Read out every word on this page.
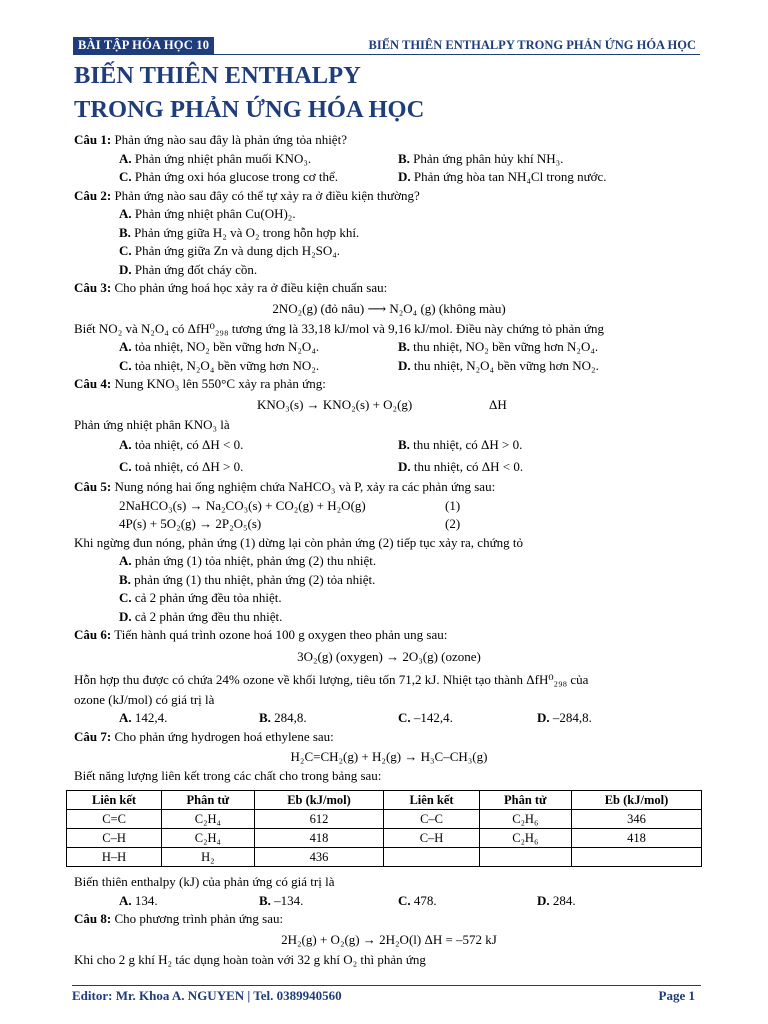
BÀI TẬP HÓA HỌC 10	BIẾN THIÊN ENTHALPY TRONG PHẢN ỨNG HÓA HỌC
BIẾN THIÊN ENTHALPY
TRONG PHẢN ỨNG HÓA HỌC
Câu 1: Phản ứng nào sau đây là phản ứng tỏa nhiệt?
A. Phản ứng nhiệt phân muối KNO₃.	B. Phản ứng phân hủy khí NH₃.
C. Phản ứng oxi hóa glucose trong cơ thể.	D. Phản ứng hòa tan NH₄Cl trong nước.
Câu 2: Phản ứng nào sau đây có thể tự xảy ra ở điều kiện thường?
A. Phản ứng nhiệt phân Cu(OH)₂.
B. Phản ứng giữa H₂ và O₂ trong hỗn hợp khí.
C. Phản ứng giữa Zn và dung dịch H₂SO₄.
D. Phản ứng đốt cháy cồn.
Câu 3: Cho phản ứng hoá học xảy ra ở điều kiện chuẩn sau:
2NO₂(g) (đỏ nâu) ⟶ N₂O₄ (g) (không màu)
Biết NO₂ và N₂O₄ có ΔfH⁰₂₉₈ tương ứng là 33,18 kJ/mol và 9,16 kJ/mol. Điều này chứng tỏ phản ứng
A. tỏa nhiệt, NO₂ bền vững hơn N₂O₄.	B. thu nhiệt, NO₂ bền vững hơn N₂O₄.
C. tỏa nhiệt, N₂O₄ bền vững hơn NO₂.	D. thu nhiệt, N₂O₄ bền vững hơn NO₂.
Câu 4: Nung KNO₃ lên 550°C xảy ra phản ứng:
KNO₃(s) → KNO₂(s) + O₂(g)	ΔH
Phản ứng nhiệt phân KNO₃ là
A. tỏa nhiệt, có ΔH < 0.	B. thu nhiệt, có ΔH > 0.
C. toả nhiệt, có ΔH > 0.	D. thu nhiệt, có ΔH < 0.
Câu 5: Nung nóng hai ống nghiệm chứa NaHCO₃ và P, xảy ra các phản ứng sau:
2NaHCO₃(s) → Na₂CO₃(s) + CO₂(g) + H₂O(g)	(1)
4P(s) + 5O₂(g) → 2P₂O₅(s)	(2)
Khi ngừng đun nóng, phản ứng (1) dừng lại còn phản ứng (2) tiếp tục xảy ra, chứng tỏ
A. phản ứng (1) tỏa nhiệt, phản ứng (2) thu nhiệt.
B. phản ứng (1) thu nhiệt, phản ứng (2) tỏa nhiệt.
C. cả 2 phản ứng đều tỏa nhiệt.
D. cả 2 phản ứng đều thu nhiệt.
Câu 6: Tiến hành quá trình ozone hoá 100 g oxygen theo phản ung sau:
3O₂(g) (oxygen) → 2O₃(g) (ozone)
Hỗn hợp thu được có chứa 24% ozone về khối lượng, tiêu tốn 71,2 kJ. Nhiệt tạo thành ΔfH⁰₂₉₈ của
ozone (kJ/mol) có giá trị là
A. 142,4.	B. 284,8.	C. –142,4.	D. –284,8.
Câu 7: Cho phản ứng hydrogen hoá ethylene sau:
H₂C=CH₂(g) + H₂(g) → H₃C–CH₃(g)
Biết năng lượng liên kết trong các chất cho trong bảng sau:
Liên kết	Phân tử	Eb (kJ/mol)	Liên kết	Phân tử	Eb (kJ/mol)
C=C	C₂H₄	612	C–C	C₂H₆	346
C–H	C₂H₄	418	C–H	C₂H₆	418
H–H	H₂	436			
Biến thiên enthalpy (kJ) của phản ứng có giá trị là
A. 134.	B. –134.	C. 478.	D. 284.
Câu 8: Cho phương trình phản ứng sau:
2H₂(g) + O₂(g) → 2H₂O(l) ΔH = –572 kJ
Khi cho 2 g khí H₂ tác dụng hoàn toàn với 32 g khí O₂ thì phản ứng
Editor: Mr. Khoa A. NGUYEN | Tel. 0389940560	Page 1
